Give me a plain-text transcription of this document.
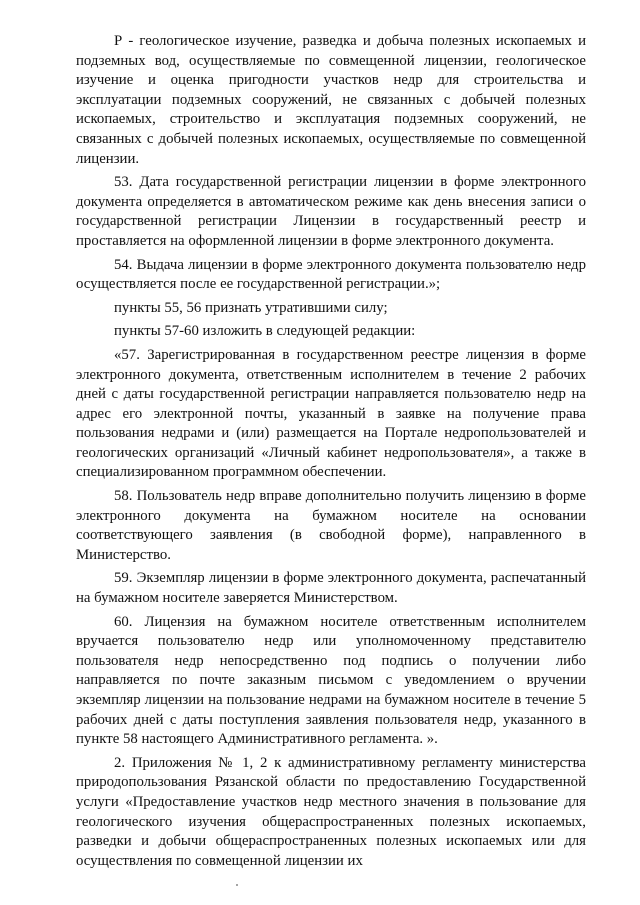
Р - геологическое изучение, разведка и добыча полезных ископаемых и подземных вод, осуществляемые по совмещенной лицензии, геологическое изучение и оценка пригодности участков недр для строительства и эксплуатации подземных сооружений, не связанных с добычей полезных ископаемых, строительство и эксплуатация подземных сооружений, не связанных с добычей полезных ископаемых, осуществляемые по совмещенной лицензии.

53. Дата государственной регистрации лицензии в форме электронного документа определяется в автоматическом режиме как день внесения записи о государственной регистрации Лицензии в государственный реестр и проставляется на оформленной лицензии в форме электронного документа.

54. Выдача лицензии в форме электронного документа пользователю недр осуществляется после ее государственной регистрации.»;

пункты 55, 56 признать утратившими силу;

пункты 57-60 изложить в следующей редакции:

«57. Зарегистрированная в государственном реестре лицензия в форме электронного документа, ответственным исполнителем в течение 2 рабочих дней с даты государственной регистрации направляется пользователю недр на адрес его электронной почты, указанный в заявке на получение права пользования недрами и (или) размещается на Портале недропользователей и геологических организаций «Личный кабинет недропользователя», а также в специализированном программном обеспечении.

58. Пользователь недр вправе дополнительно получить лицензию в форме электронного документа на бумажном носителе на основании соответствующего заявления (в свободной форме), направленного в Министерство.

59. Экземпляр лицензии в форме электронного документа, распечатанный на бумажном носителе заверяется Министерством.

60. Лицензия на бумажном носителе ответственным исполнителем вручается пользователю недр или уполномоченному представителю пользователя недр непосредственно под подпись о получении либо направляется по почте заказным письмом с уведомлением о вручении экземпляр лицензии на пользование недрами на бумажном носителе в течение 5 рабочих дней с даты поступления заявления пользователя недр, указанного в пункте 58 настоящего Административного регламента. ».

2. Приложения № 1, 2 к административному регламенту министерства природопользования Рязанской области по предоставлению Государственной услуги «Предоставление участков недр местного значения в пользование для геологического изучения общераспространенных полезных ископаемых, разведки и добычи общераспространенных полезных ископаемых или для осуществления по совмещенной лицензии их
